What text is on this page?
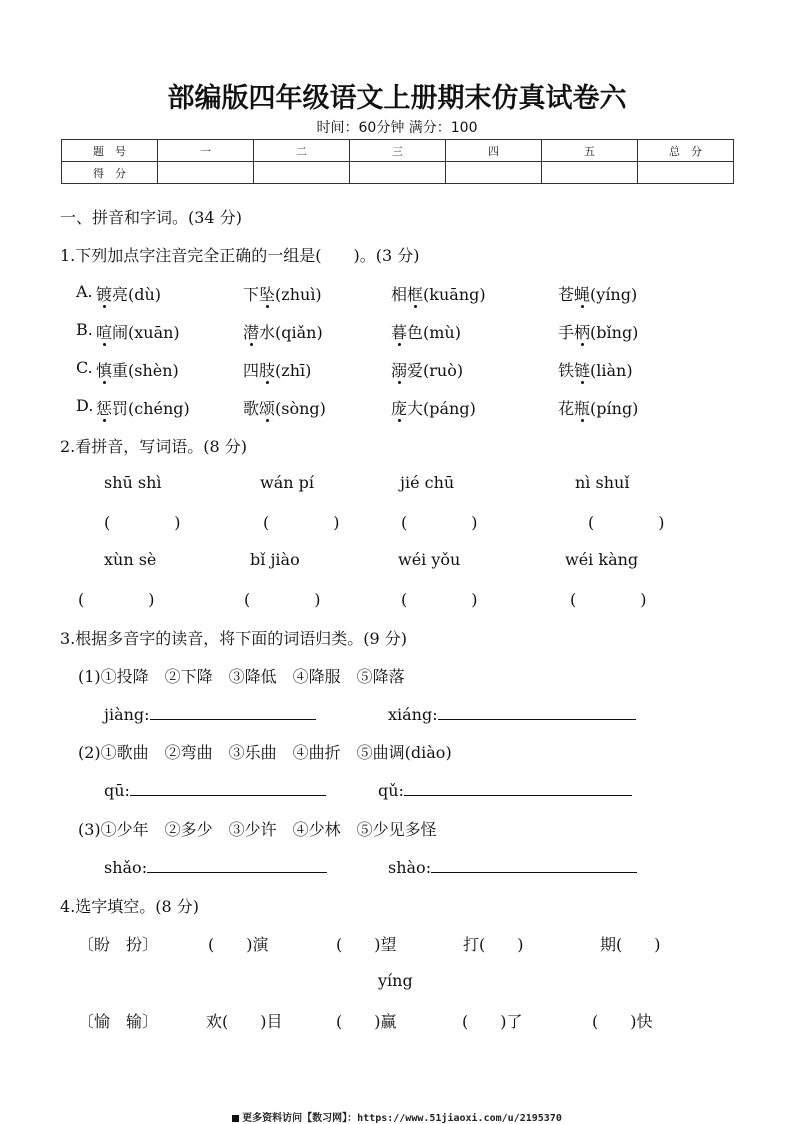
部编版四年级语文上册期末仿真试卷六
时间：60分钟 满分：100
题　号	一	二	三	四	五	总　分
得　分						
一、拼音和字词。(34 分)
1.下列加点字注音完全正确的一组是(　　)。(3 分)
A. 镀亮(dù)	下坠(zhuì)	相框(kuāng)	苍蝇(yíng)
B. 喧闹(xuān)	潜水(qiǎn)	暮色(mù)	手柄(bǐng)
C. 慎重(shèn)	四肢(zhī)	溺爱(ruò)	铁链(liàn)
D. 惩罚(chéng)	歌颂(sòng)	庞大(páng)	花瓶(píng)
2.看拼音，写词语。(8 分)
shū shì	wán pí	jié chū	nì shuǐ
(　　　　)	(　　　　)	(　　　　)	(　　　　)
xùn sè	bǐ jiào	wéi yǒu	wéi kàng
(　　　　)	(　　　　)	(　　　　)	(　　　　)
3.根据多音字的读音，将下面的词语归类。(9 分)
(1)①投降　②下降　③降低　④降服　⑤降落
jiàng:	xiáng:
(2)①歌曲　②弯曲　③乐曲　④曲折　⑤曲调(diào)
qū:	qǔ:
(3)①少年　②多少　③少许　④少林　⑤少见多怪
shǎo:	shào:
4.选字填空。(8 分)
〔盼　扮〕	(　　)演	(　　)望	打(　　)	期(　　)
yíng
〔愉　输〕	欢(　　)目	(　　)赢	(　　)了	(　　)快
更多资料访问【数习网】：https://www.51jiaoxi.com/u/2195370
